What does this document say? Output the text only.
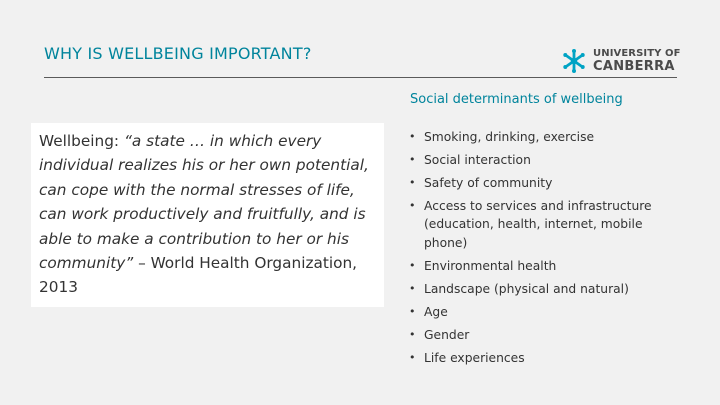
WHY IS WELLBEING IMPORTANT?	UNIVERSITY OF
CANBERRA
Social determinants of wellbeing

Wellbeing: “a state … in which every individual realizes his or her own potential, can cope with the normal stresses of life, can work productively and fruitfully, and is able to make a contribution to her or his community” – World Health Organization, 2013

• Smoking, drinking, exercise
• Social interaction
• Safety of community
• Access to services and infrastructure (education, health, internet, mobile phone)
• Environmental health
• Landscape (physical and natural)
• Age
• Gender
• Life experiences
